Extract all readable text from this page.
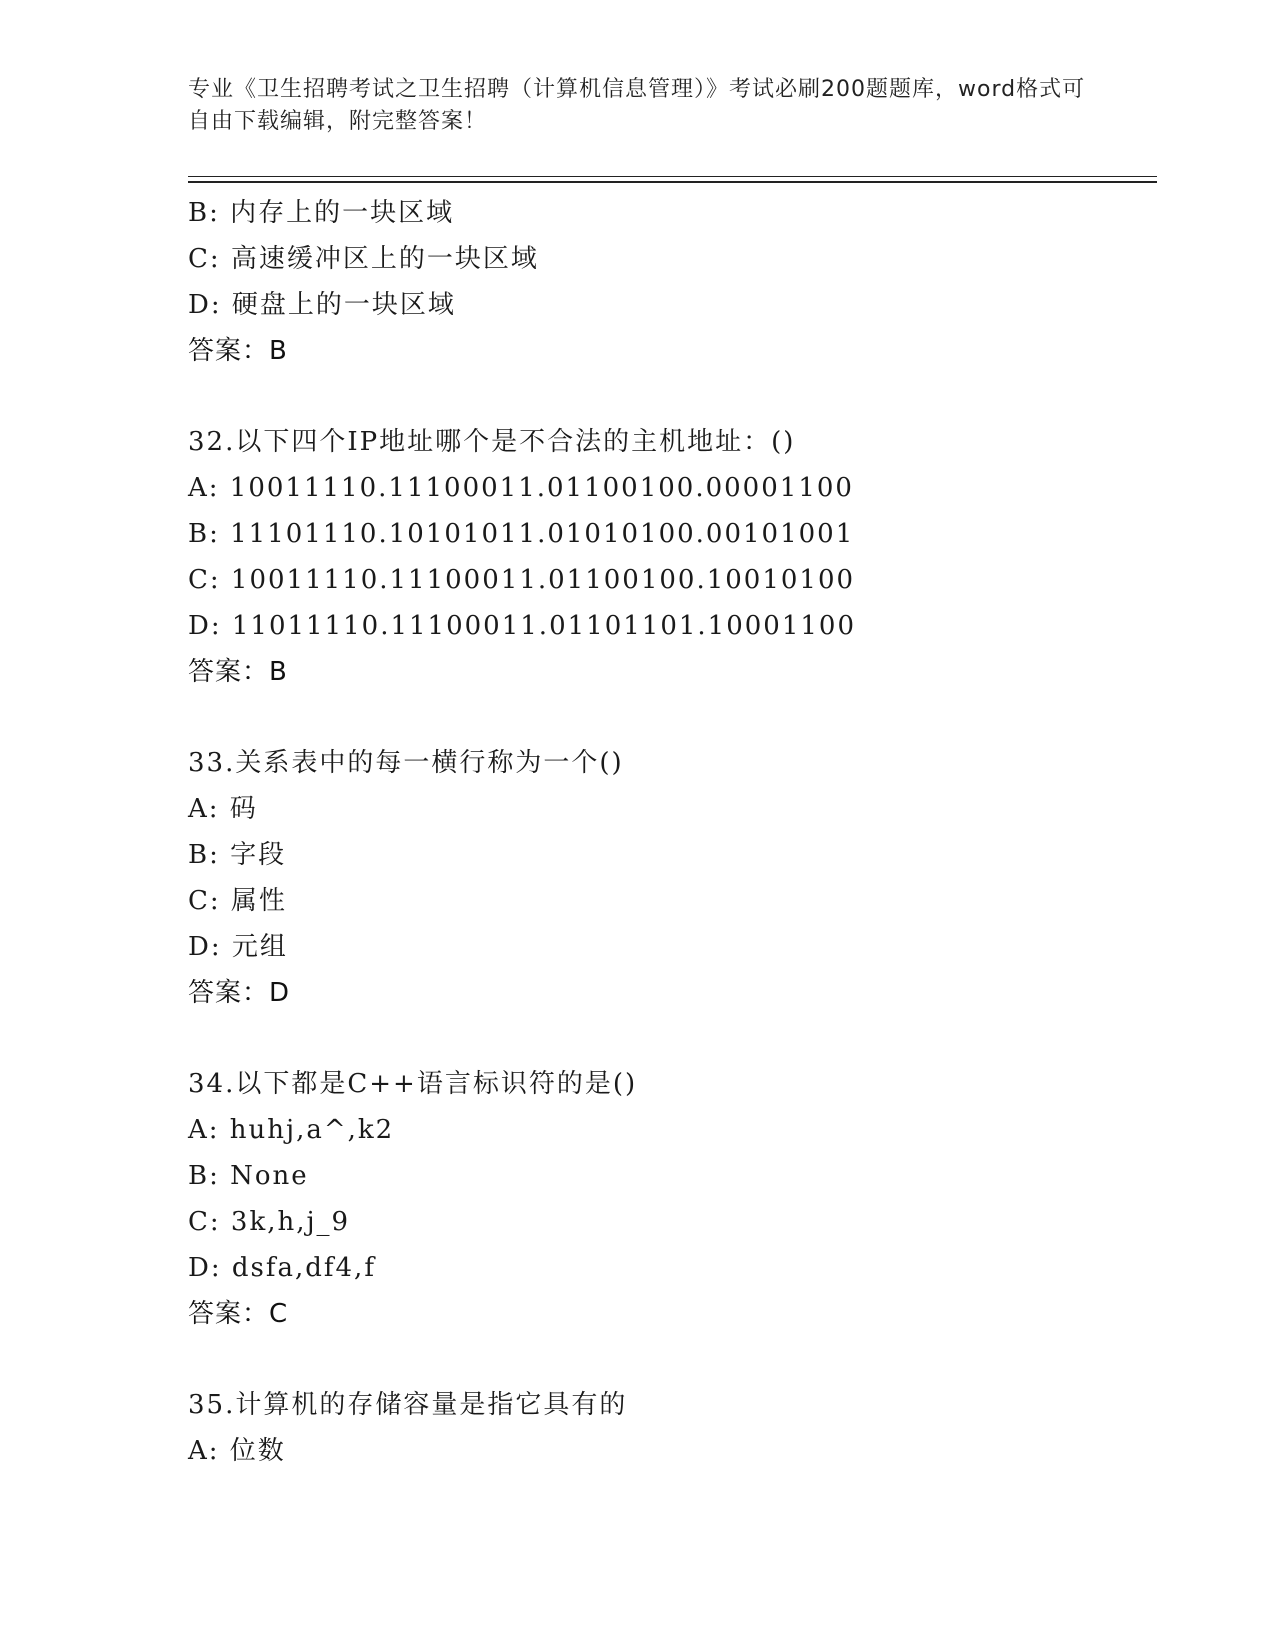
专业《卫生招聘考试之卫生招聘（计算机信息管理）》考试必刷200题题库，word格式可自由下载编辑，附完整答案！
B: 内存上的一块区域
C: 高速缓冲区上的一块区域
D: 硬盘上的一块区域
答案：B
32.以下四个IP地址哪个是不合法的主机地址：()
A: 10011110.11100011.01100100.00001100
B: 11101110.10101011.01010100.00101001
C: 10011110.11100011.01100100.10010100
D: 11011110.11100011.01101101.10001100
答案：B
33.关系表中的每一横行称为一个()
A: 码
B: 字段
C: 属性
D: 元组
答案：D
34.以下都是C++语言标识符的是()
A: huhj,a^,k2
B: None
C: 3k,h,j_9
D: dsfa,df4,f
答案：C
35.计算机的存储容量是指它具有的
A: 位数
